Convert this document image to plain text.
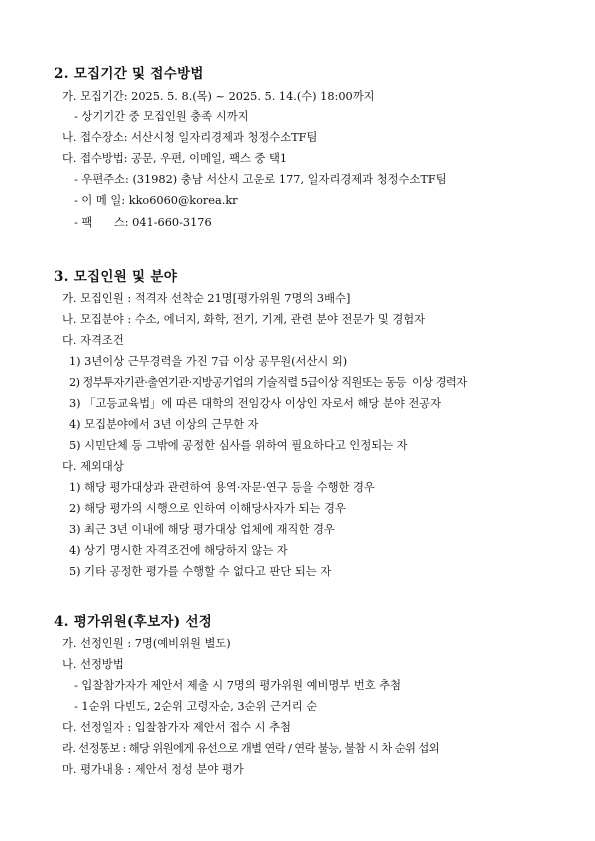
2. 모집기간 및 접수방법
가. 모집기간: 2025. 5. 8.(목) ~ 2025. 5. 14.(수) 18:00까지
- 상기기간 중 모집인원 충족 시까지
나. 접수장소: 서산시청 일자리경제과 청정수소TF팀
다. 접수방법: 공문, 우편, 이메일, 팩스 중 택1
- 우편주소: (31982) 충남 서산시 고운로 177, 일자리경제과 청정수소TF팀
- 이 메 일: kko6060@korea.kr
- 팩      스: 041-660-3176
3. 모집인원 및 분야
가. 모집인원 : 적격자 선착순 21명[평가위원 7명의 3배수]
나. 모집분야 : 수소, 에너지, 화학, 전기, 기계, 관련 분야 전문가 및 경험자
다. 자격조건
1) 3년이상 근무경력을 가진 7급 이상 공무원(서산시 외)
2) 정부투자기관·출연기관·지방공기업의 기술직렬 5급이상 직원또는 동등  이상 경력자
3) 「고등교육법」에 따른 대학의 전임강사 이상인 자로서 해당 분야 전공자
4) 모집분야에서 3년 이상의 근무한 자
5) 시민단체 등 그밖에 공정한 심사를 위하여 필요하다고 인정되는 자
다. 제외대상
1) 해당 평가대상과 관련하여 용역·자문·연구 등을 수행한 경우
2) 해당 평가의 시행으로 인하여 이해당사자가 되는 경우
3) 최근 3년 이내에 해당 평가대상 업체에 재직한 경우
4) 상기 명시한 자격조건에 해당하지 않는 자
5) 기타 공정한 평가를 수행할 수 없다고 판단 되는 자
4. 평가위원(후보자) 선정
가. 선정인원 : 7명(예비위원 별도)
나. 선정방법
- 입찰참가자가 제안서 제출 시 7명의 평가위원 예비명부 번호 추첨
- 1순위 다빈도, 2순위 고령자순, 3순위 근거리 순
다. 선정일자 : 입찰참가자 제안서 접수 시 추첨
라. 선정통보 : 해당 위원에게 유선으로 개별 연락 / 연락 불능, 불참 시 차 순위 섭외
마. 평가내용 : 제안서 정성 분야 평가
